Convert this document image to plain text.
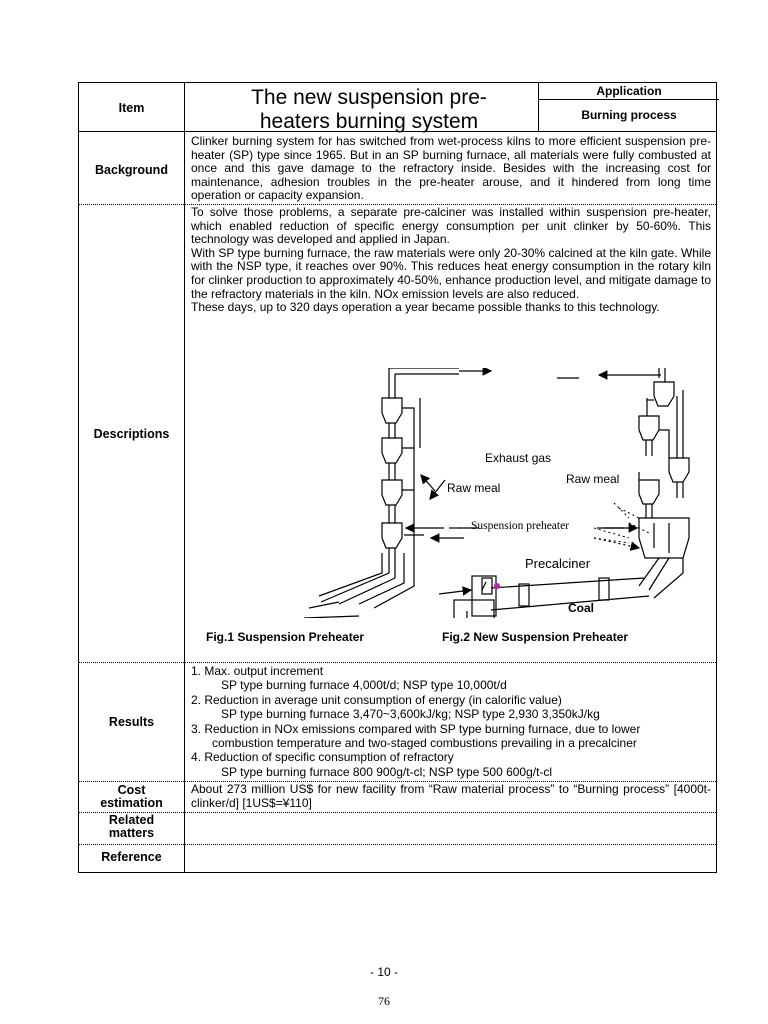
Item	The new suspension pre-
heaters burning system
Application
Burning process
Background
Clinker burning system for has switched from wet-process kilns to more efficient suspension pre-heater (SP) type since 1965. But in an SP burning furnace, all materials were fully combusted at once and this gave damage to the refractory inside. Besides with the increasing cost for maintenance, adhesion troubles in the pre-heater arouse, and it hindered from long time operation or capacity expansion.
Descriptions

To solve those problems, a separate pre-calciner was installed within suspension pre-heater, which enabled reduction of specific energy consumption per unit clinker by 50-60%. This technology was developed and applied in Japan.

With SP type burning furnace, the raw materials were only 20-30% calcined at the kiln gate. While with the NSP type, it reaches over 90%. This reduces heat energy consumption in the rotary kiln for clinker production to approximately 40-50%, enhance production level, and mitigate damage to the refractory materials in the kiln. NOx emission levels are also reduced.

These days, up to 320 days operation a year became possible thanks to this technology.

Exhaust gas
Raw meal
Raw meal
Suspension preheater
Precalciner
Coal
Fig.1 Suspension Preheater	Fig.2 New Suspension Preheater
Results
1. Max. output increment
SP type burning furnace 4,000t/d; NSP type 10,000t/d
2. Reduction in average unit consumption of energy (in calorific value)
SP type burning furnace 3,470~3,600kJ/kg; NSP type 2,930 3,350kJ/kg
3. Reduction in NOx emissions compared with SP type burning furnace, due to lower
combustion temperature and two-staged combustions prevailing in a precalciner
4. Reduction of specific consumption of refractory
SP type burning furnace 800 900g/t-cl; NSP type 500 600g/t-cl
Cost
estimation
About 273 million US$ for new facility from “Raw material process” to “Burning process” [4000t-clinker/d] [1US$=¥110]
Related
matters
Reference
- 10 -
76
